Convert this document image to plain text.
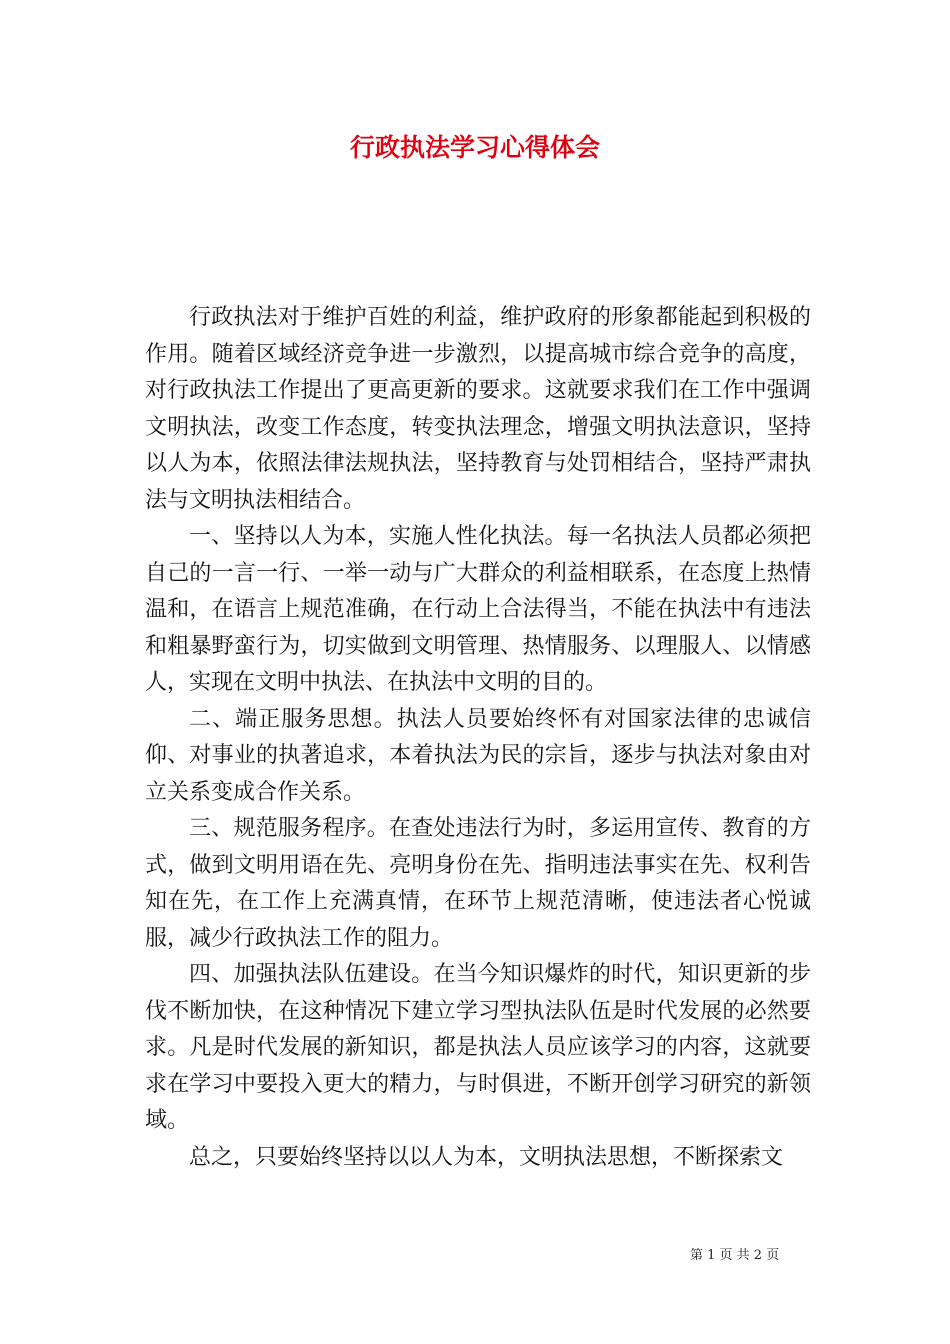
行政执法学习心得体会

行政执法对于维护百姓的利益，维护政府的形象都能起到积极的作用。随着区域经济竞争进一步激烈，以提高城市综合竞争的高度，对行政执法工作提出了更高更新的要求。这就要求我们在工作中强调文明执法，改变工作态度，转变执法理念，增强文明执法意识，坚持以人为本，依照法律法规执法，坚持教育与处罚相结合，坚持严肃执法与文明执法相结合。

一、坚持以人为本，实施人性化执法。每一名执法人员都必须把自己的一言一行、一举一动与广大群众的利益相联系，在态度上热情温和，在语言上规范准确，在行动上合法得当，不能在执法中有违法和粗暴野蛮行为，切实做到文明管理、热情服务、以理服人、以情感人，实现在文明中执法、在执法中文明的目的。

二、端正服务思想。执法人员要始终怀有对国家法律的忠诚信仰、对事业的执著追求，本着执法为民的宗旨，逐步与执法对象由对立关系变成合作关系。

三、规范服务程序。在查处违法行为时，多运用宣传、教育的方式，做到文明用语在先、亮明身份在先、指明违法事实在先、权利告知在先，在工作上充满真情，在环节上规范清晰，使违法者心悦诚服，减少行政执法工作的阻力。

四、加强执法队伍建设。在当今知识爆炸的时代，知识更新的步伐不断加快，在这种情况下建立学习型执法队伍是时代发展的必然要求。凡是时代发展的新知识，都是执法人员应该学习的内容，这就要求在学习中要投入更大的精力，与时俱进，不断开创学习研究的新领域。

总之，只要始终坚持以以人为本，文明执法思想，不断探索文

第 1 页 共 2 页
